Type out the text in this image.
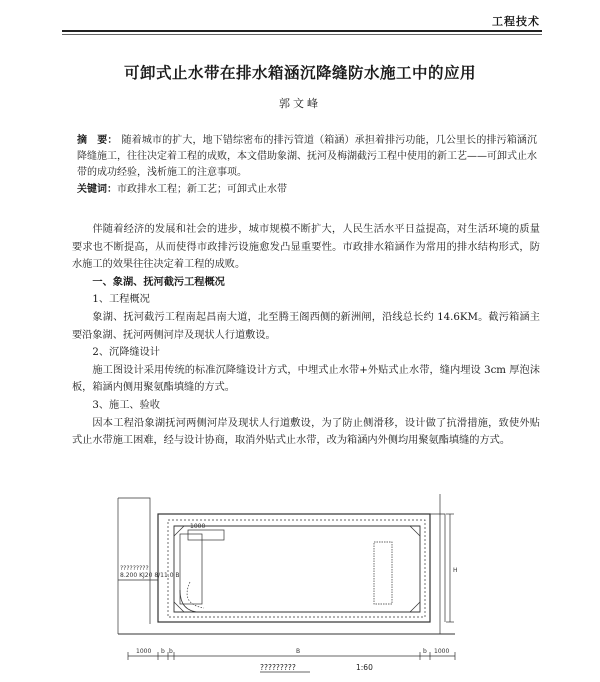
工程技术
可卸式止水带在排水箱涵沉降缝防水施工中的应用
郭文峰
摘　要： 随着城市的扩大，地下错综密布的排污管道（箱涵）承担着排污功能，几公里长的排污箱涵沉降缝施工，往往决定着工程的成败，本文借助象湖、抚河及梅湖截污工程中使用的新工艺——可卸式止水带的成功经验，浅析施工的注意事项。
关键词：市政排水工程；新工艺；可卸式止水带

伴随着经济的发展和社会的进步，城市规模不断扩大，人民生活水平日益提高，对生活环境的质量要求也不断提高，从而使得市政排污设施愈发凸显重要性。市政排水箱涵作为常用的排水结构形式，防水施工的效果往往决定着工程的成败。

一、象湖、抚河截污工程概况

1、工程概况

象湖、抚河截污工程南起昌南大道，北至腾王阁西侧的新洲闸，沿线总长约 14.6KM。截污箱涵主要沿象湖、抚河两侧河岸及现状人行道敷设。

2、沉降缝设计

施工图设计采用传统的标准沉降缝设计方式，中埋式止水带+外贴式止水带，缝内埋设 3cm 厚泡沫板，箱涵内侧用聚氨酯填缝的方式。

3、施工、验收

因本工程沿象湖抚河两侧河岸及现状人行道敷设，为了防止侧滑移，设计做了抗滑措施，致使外贴式止水带施工困难，经与设计协商，取消外贴式止水带，改为箱涵内外侧均用聚氨酯填缝的方式。

1000
?????????
8.200 KJ20 8/11.0 B
1000 b b	B	b 1000
H
?????????	1:60
